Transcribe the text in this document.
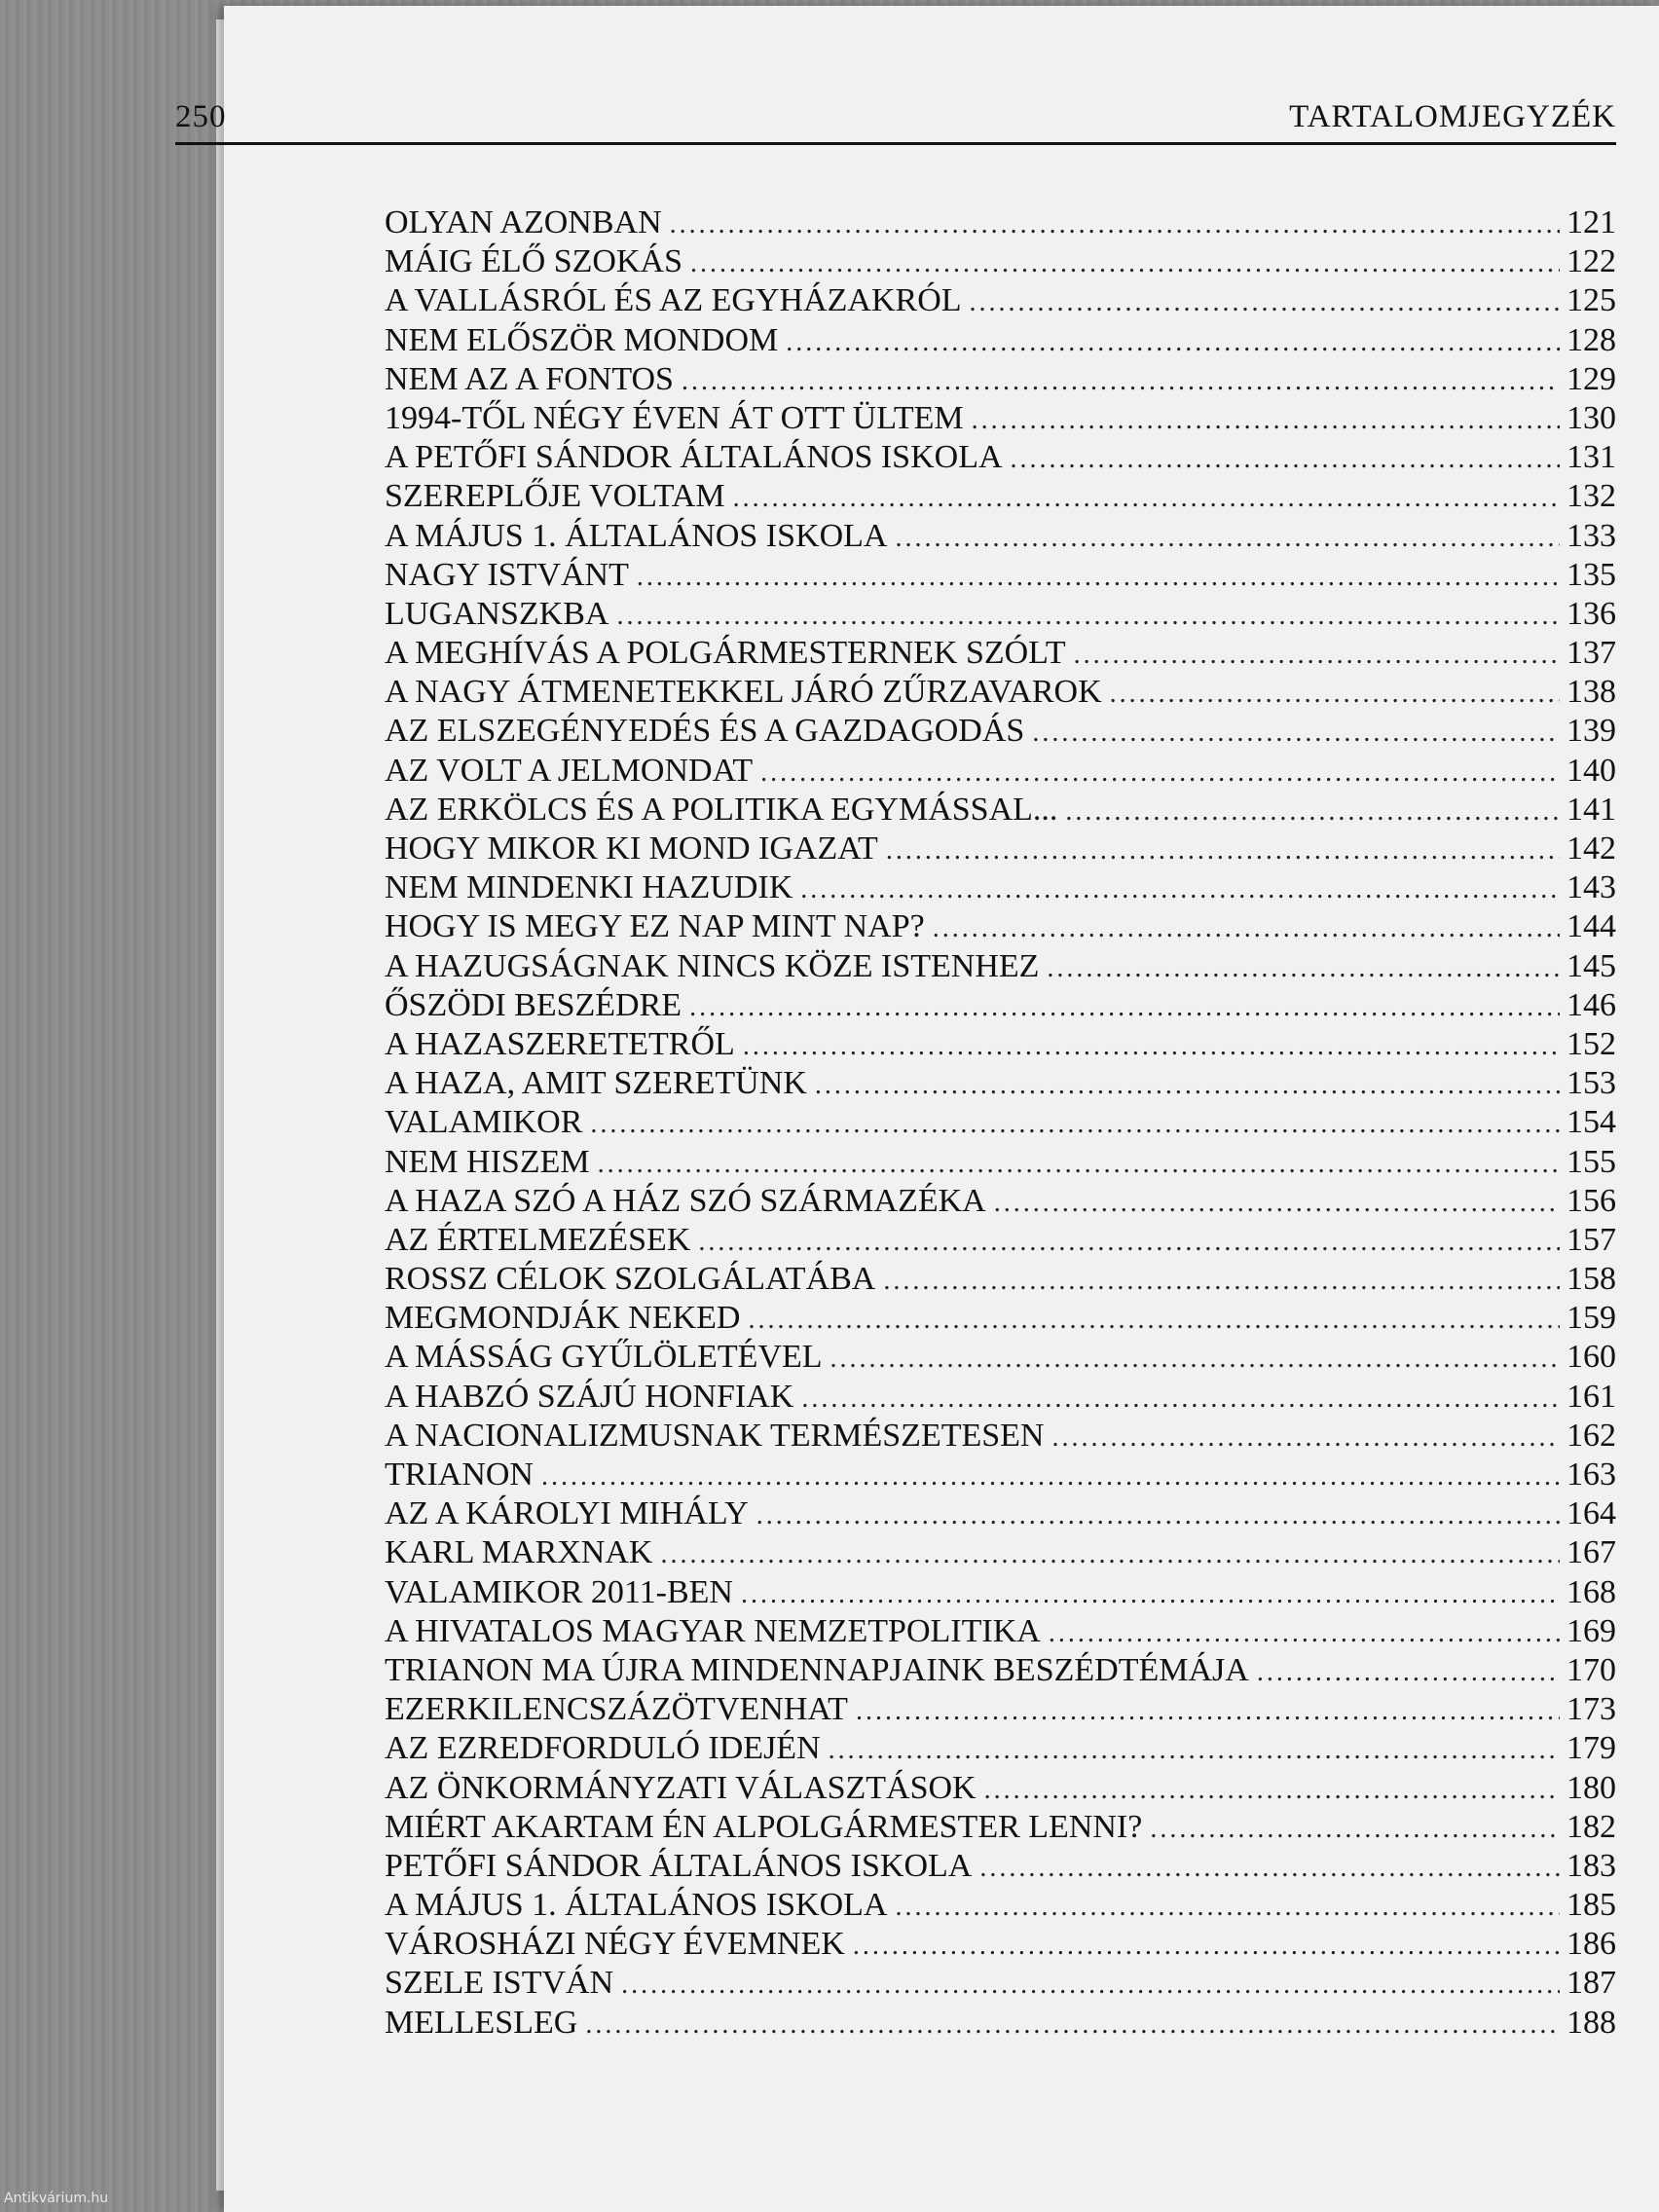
250	TARTALOMJEGYZÉK
OLYAN AZONBAN .....	121
MÁIG ÉLŐ SZOKÁS .....	122
A VALLÁSRÓL ÉS AZ EGYHÁZAKRÓL .....	125
NEM ELŐSZÖR MONDOM .....	128
NEM AZ A FONTOS .....	129
1994-TŐL NÉGY ÉVEN ÁT OTT ÜLTEM .....	130
A PETŐFI SÁNDOR ÁLTALÁNOS ISKOLA .....	131
SZEREPLŐJE VOLTAM .....	132
A MÁJUS 1. ÁLTALÁNOS ISKOLA .....	133
NAGY ISTVÁNT .....	135
LUGANSZKBA .....	136
A MEGHÍVÁS A POLGÁRMESTERNEK SZÓLT .....	137
A NAGY ÁTMENETEKKEL JÁRÓ ZŰRZAVAROK .....	138
AZ ELSZEGÉNYEDÉS ÉS A GAZDAGODÁS .....	139
AZ VOLT A JELMONDAT .....	140
AZ ERKÖLCS ÉS A POLITIKA EGYMÁSSAL... .....	141
HOGY MIKOR KI MOND IGAZAT .....	142
NEM MINDENKI HAZUDIK .....	143
HOGY IS MEGY EZ NAP MINT NAP? .....	144
A HAZUGSÁGNAK NINCS KÖZE ISTENHEZ .....	145
ŐSZÖDI BESZÉDRE .....	146
A HAZASZERETETRŐL .....	152
A HAZA, AMIT SZERETÜNK .....	153
VALAMIKOR .....	154
NEM HISZEM .....	155
A HAZA SZÓ A HÁZ SZÓ SZÁRMAZÉKA .....	156
AZ ÉRTELMEZÉSEK .....	157
ROSSZ CÉLOK SZOLGÁLATÁBA .....	158
MEGMONDJÁK NEKED .....	159
A MÁSSÁG GYŰLÖLETÉVEL .....	160
A HABZÓ SZÁJÚ HONFIAK .....	161
A NACIONALIZMUSNAK TERMÉSZETESEN .....	162
TRIANON .....	163
AZ A KÁROLYI MIHÁLY .....	164
KARL MARXNAK .....	167
VALAMIKOR 2011-BEN .....	168
A HIVATALOS MAGYAR NEMZETPOLITIKA .....	169
TRIANON MA ÚJRA MINDENNAPJAINK BESZÉDTÉMÁJA .....	170
EZERKILENCSZÁZÖTVENHAT .....	173
AZ EZREDFORDULÓ IDEJÉN .....	179
AZ ÖNKORMÁNYZATI VÁLASZTÁSOK .....	180
MIÉRT AKARTAM ÉN ALPOLGÁRMESTER LENNI? .....	182
PETŐFI SÁNDOR ÁLTALÁNOS ISKOLA .....	183
A MÁJUS 1. ÁLTALÁNOS ISKOLA .....	185
VÁROSHÁZI NÉGY ÉVEMNEK .....	186
SZELE ISTVÁN .....	187
MELLESLEG .....	188
Antikvárium.hu
